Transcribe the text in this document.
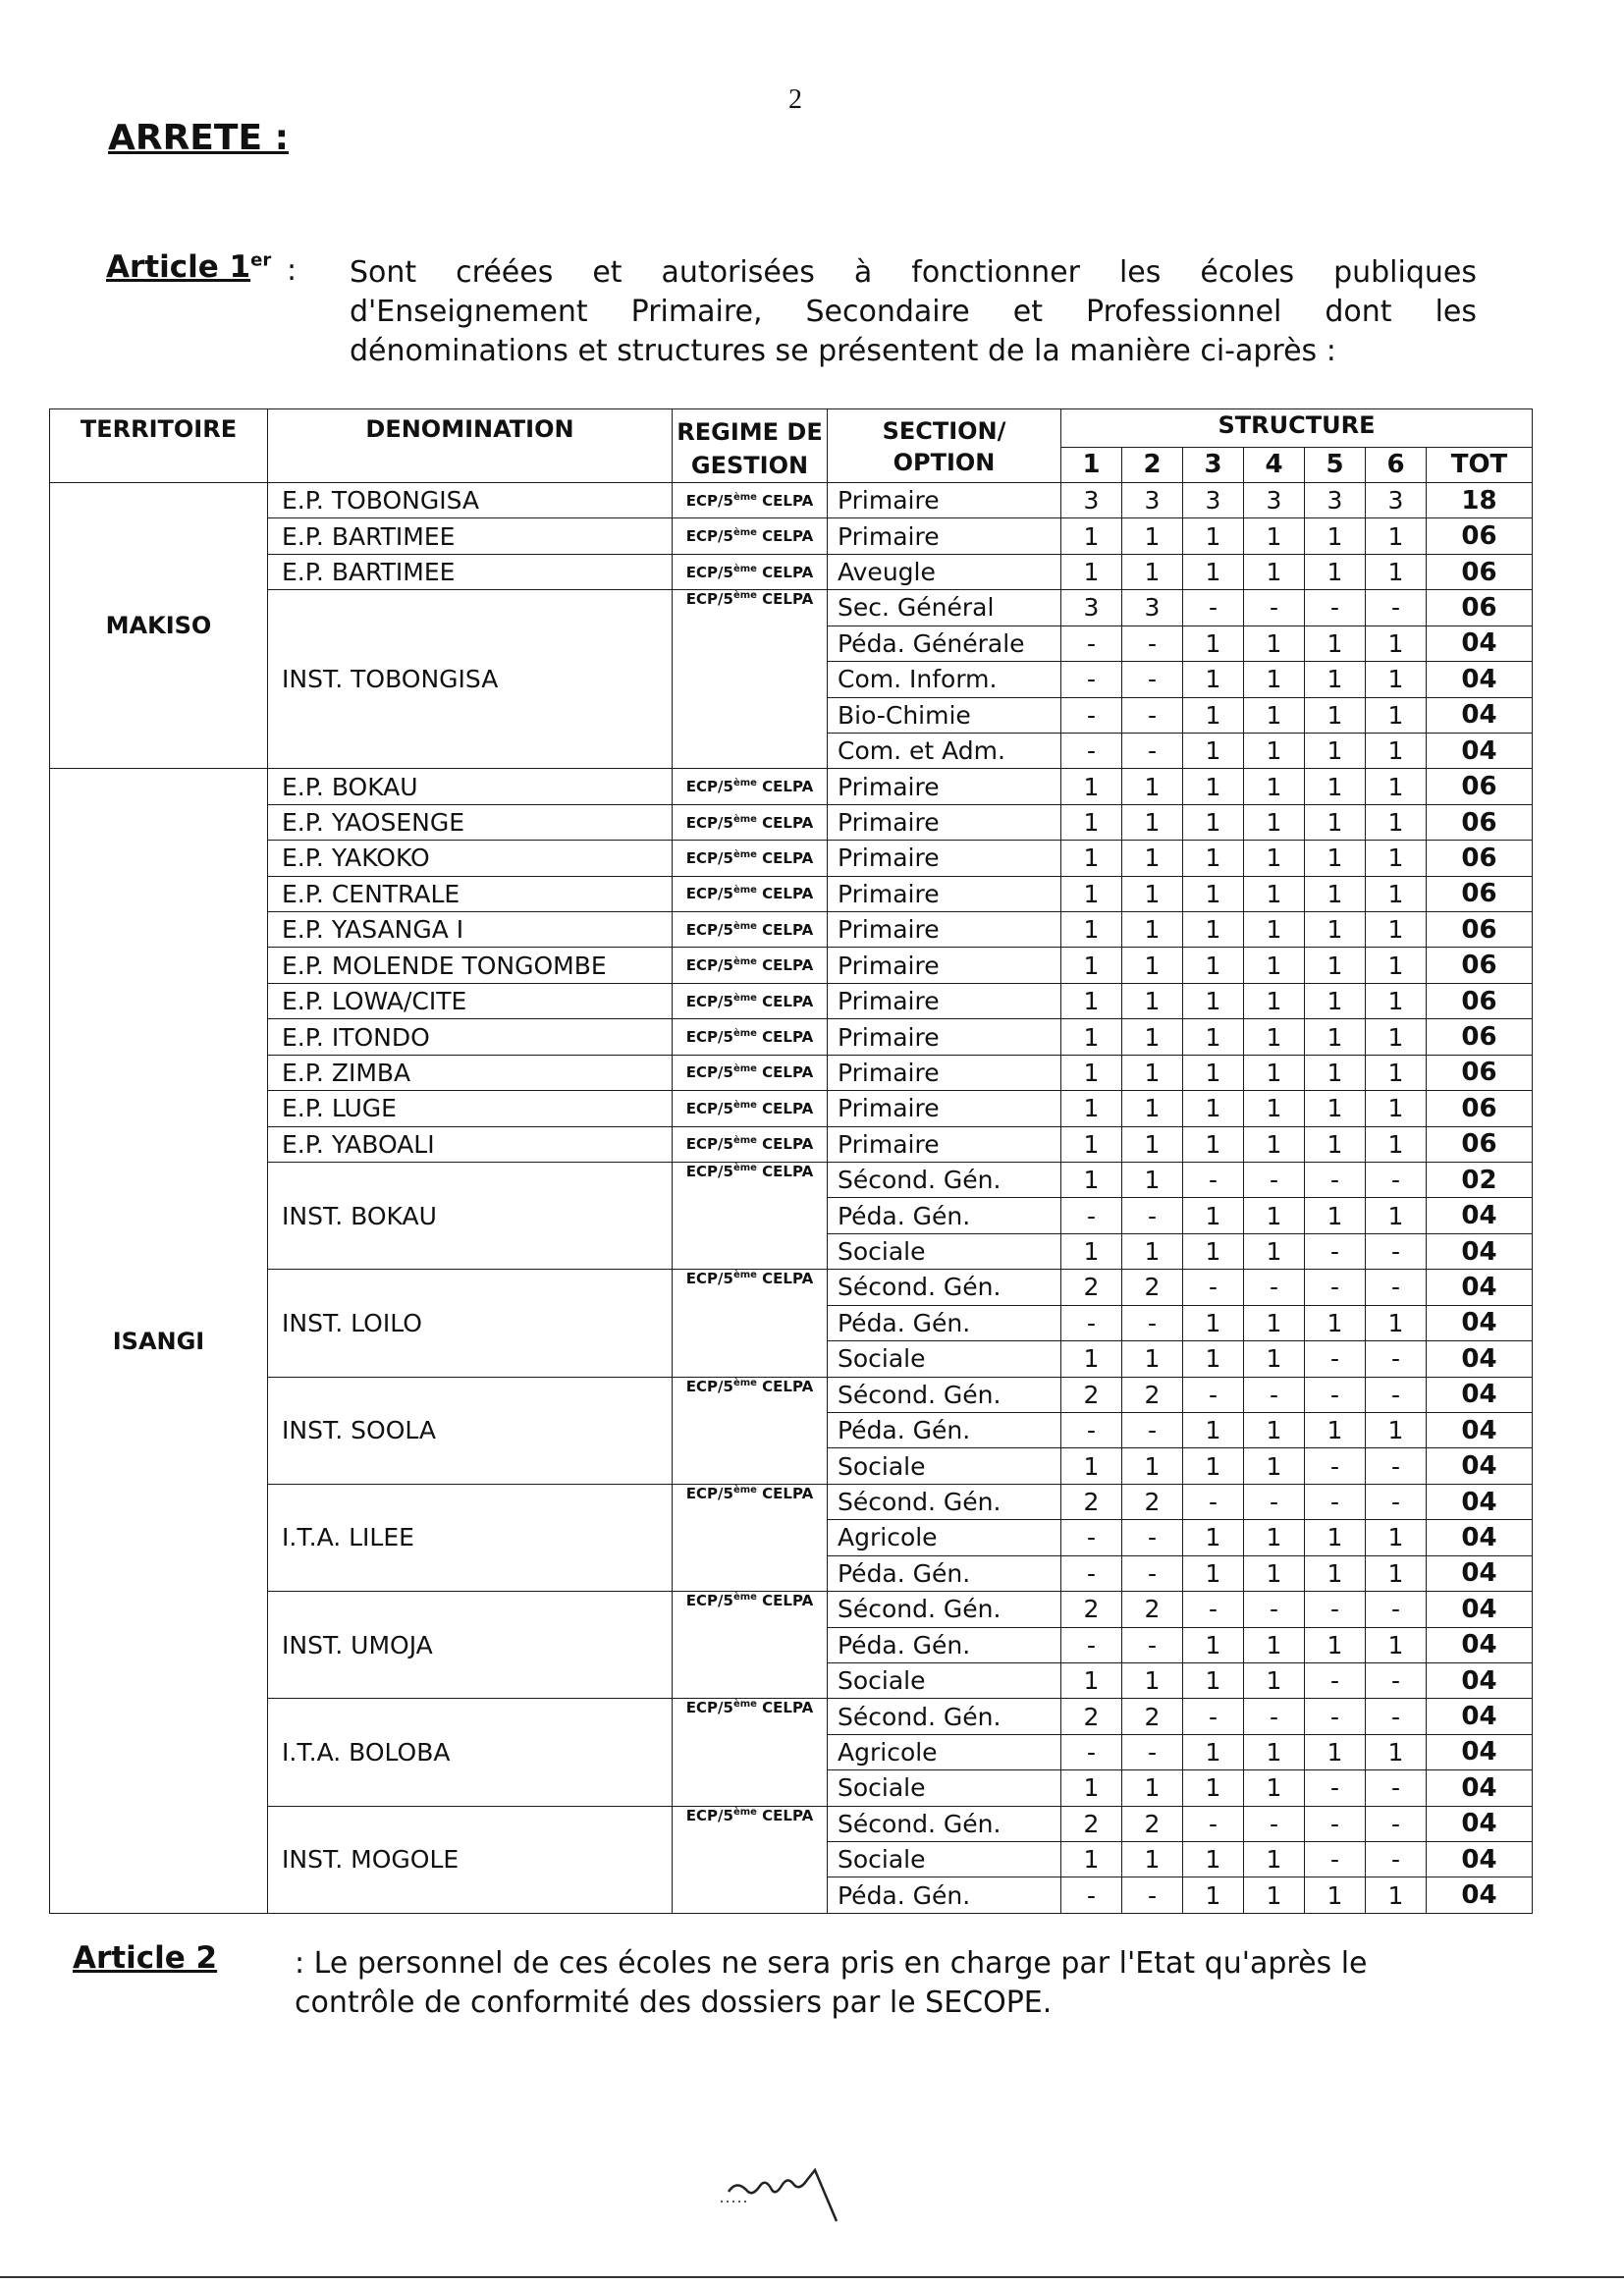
2
ARRETE :
Article 1er : Sont créées et autorisées à fonctionner les écoles publiques d'Enseignement Primaire, Secondaire et Professionnel dont les dénominations et structures se présentent de la manière ci-après :
TERRITOIRE	DENOMINATION	REGIME DE GESTION	SECTION/ OPTION	STRUCTURE						
				1	2	3	4	5	6	TOT
MAKISO	E.P. TOBONGISA	ECP/5ème CELPA	Primaire	3	3	3	3	3	3	18
	E.P. BARTIMEE	ECP/5ème CELPA	Primaire	1	1	1	1	1	1	06
	E.P. BARTIMEE	ECP/5ème CELPA	Aveugle	1	1	1	1	1	1	06
	INST. TOBONGISA	ECP/5ème CELPA	Sec. Général	3	3	-	-	-	-	06
			Péda. Générale	-	-	1	1	1	1	04
			Com. Inform.	-	-	1	1	1	1	04
			Bio-Chimie	-	-	1	1	1	1	04
			Com. et Adm.	-	-	1	1	1	1	04
ISANGI	E.P. BOKAU	ECP/5ème CELPA	Primaire	1	1	1	1	1	1	06
	E.P. YAOSENGE	ECP/5ème CELPA	Primaire	1	1	1	1	1	1	06
	E.P. YAKOKO	ECP/5ème CELPA	Primaire	1	1	1	1	1	1	06
	E.P. CENTRALE	ECP/5ème CELPA	Primaire	1	1	1	1	1	1	06
	E.P. YASANGA I	ECP/5ème CELPA	Primaire	1	1	1	1	1	1	06
	E.P. MOLENDE TONGOMBE	ECP/5ème CELPA	Primaire	1	1	1	1	1	1	06
	E.P. LOWA/CITE	ECP/5ème CELPA	Primaire	1	1	1	1	1	1	06
	E.P. ITONDO	ECP/5ème CELPA	Primaire	1	1	1	1	1	1	06
	E.P. ZIMBA	ECP/5ème CELPA	Primaire	1	1	1	1	1	1	06
	E.P. LUGE	ECP/5ème CELPA	Primaire	1	1	1	1	1	1	06
	E.P. YABOALI	ECP/5ème CELPA	Primaire	1	1	1	1	1	1	06
	INST. BOKAU	ECP/5ème CELPA	Sécond. Gén.	1	1	-	-	-	-	02
			Péda. Gén.	-	-	1	1	1	1	04
			Sociale	1	1	1	1	-	-	04
	INST. LOILO	ECP/5ème CELPA	Sécond. Gén.	2	2	-	-	-	-	04
			Péda. Gén.	-	-	1	1	1	1	04
			Sociale	1	1	1	1	-	-	04
	INST. SOOLA	ECP/5ème CELPA	Sécond. Gén.	2	2	-	-	-	-	04
			Péda. Gén.	-	-	1	1	1	1	04
			Sociale	1	1	1	1	-	-	04
	I.T.A. LILEE	ECP/5ème CELPA	Sécond. Gén.	2	2	-	-	-	-	04
			Agricole	-	-	1	1	1	1	04
			Péda. Gén.	-	-	1	1	1	1	04
	INST. UMOJA	ECP/5ème CELPA	Sécond. Gén.	2	2	-	-	-	-	04
			Péda. Gén.	-	-	1	1	1	1	04
			Sociale	1	1	1	1	-	-	04
	I.T.A. BOLOBA	ECP/5ème CELPA	Sécond. Gén.	2	2	-	-	-	-	04
			Agricole	-	-	1	1	1	1	04
			Sociale	1	1	1	1	-	-	04
	INST. MOGOLE	ECP/5ème CELPA	Sécond. Gén.	2	2	-	-	-	-	04
			Sociale	1	1	1	1	-	-	04
			Péda. Gén.	-	-	1	1	1	1	04
Article 2	: Le personnel de ces écoles ne sera pris en charge par l'Etat qu'après le contrôle de conformité des dossiers par le SECOPE.
